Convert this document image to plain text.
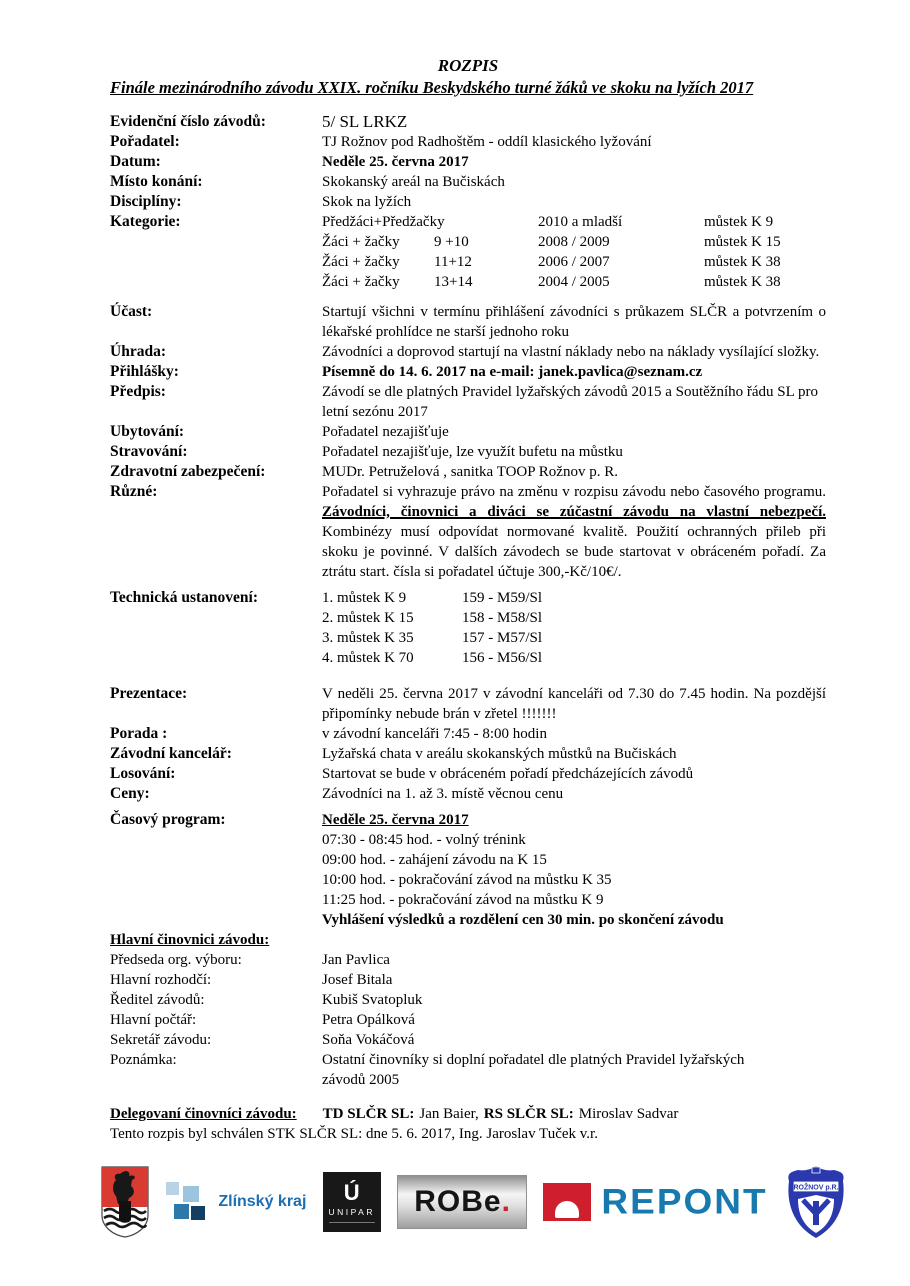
ROZPIS
Finále mezinárodního závodu XXIX. ročníku Beskydského turné žáků ve skoku na lyžích 2017
Evidenční číslo závodů:	5/ SL LRKZ
Pořadatel:	TJ Rožnov pod Radhoštěm - oddíl klasického lyžování
Datum:	Neděle 25. června 2017
Místo konání:	Skokanský areál na Bučiskách
Disciplíny:	Skok na lyžích
Kategorie:	Předžáci+Předžačky	2010 a mladší	můstek K 9
Žáci + žačky	9 +10	2008 / 2009	můstek K 15
Žáci + žačky	11+12	2006 / 2007	můstek K 38
Žáci + žačky	13+14	2004 / 2005	můstek K 38
Účast:	Startují všichni v termínu přihlášení závodníci s průkazem SLČR a potvrzením o lékařské prohlídce ne starší jednoho roku
Úhrada:	Závodníci a doprovod startují na vlastní náklady nebo na náklady vysílající složky.
Přihlášky:	Písemně do 14. 6. 2017 na e-mail: janek.pavlica@seznam.cz
Předpis:	Závodí se dle platných Pravidel lyžařských závodů 2015 a Soutěžního řádu SL pro letní sezónu 2017
Ubytování:	Pořadatel nezajišťuje
Stravování:	Pořadatel nezajišťuje, lze využít bufetu na můstku
Zdravotní zabezpečení:	MUDr. Petruželová , sanitka TOOP Rožnov p. R.
Různé:	Pořadatel si vyhrazuje právo na změnu v rozpisu závodu nebo časového programu.
Závodníci, činovnici a diváci se zúčastní závodu na vlastní nebezpečí.
Kombinézy musí odpovídat normované kvalitě. Použití ochranných přileb při skoku je povinné. V dalších závodech se bude startovat v obráceném pořadí. Za ztrátu start. čísla si pořadatel účtuje 300,-Kč/10€/.
Technická ustanovení:	1. můstek K 9	159 - M59/Sl
2. můstek K 15	158 - M58/Sl
3. můstek K 35	157 - M57/Sl
4. můstek K 70	156 - M56/Sl
Prezentace:	V neděli 25. června 2017 v závodní kanceláři od 7.30 do 7.45 hodin. Na pozdější připomínky nebude brán v zřetel !!!!!!!
Porada :	v závodní kanceláři 7:45 - 8:00 hodin
Závodní kancelář:	Lyžařská chata v areálu skokanských můstků na Bučiskách
Losování:	Startovat se bude v obráceném pořadí předcházejících závodů
Ceny:	Závodníci na 1. až 3. místě věcnou cenu
Časový program:	Neděle 25. června 2017
07:30 - 08:45 hod. - volný trénink
09:00 hod. - zahájení závodu na K 15
10:00 hod. - pokračování závod na můstku K 35
11:25 hod. - pokračování závod na můstku K 9
Vyhlášení výsledků a rozdělení cen 30 min. po skončení závodu
Hlavní činovnici závodu:
Předseda org. výboru:	Jan Pavlica
Hlavní rozhodčí:	Josef Bitala
Ředitel závodů:	Kubiš Svatopluk
Hlavní počtář:	Petra Opálková
Sekretář závodu:	Soňa Vokáčová
Poznámka:	Ostatní činovníky si doplní pořadatel dle platných Pravidel lyžařských závodů 2005
Delegovaní činovníci závodu: TD SLČR SL: Jan Baier, RS SLČR SL: Miroslav Sadvar
Tento rozpis byl schválen STK SLČR SL: dne 5. 6. 2017, Ing. Jaroslav Tuček v.r.
Zlínský kraj Ú
UNIPAR ROBe . REPONT	ROŽNOV p.R.
